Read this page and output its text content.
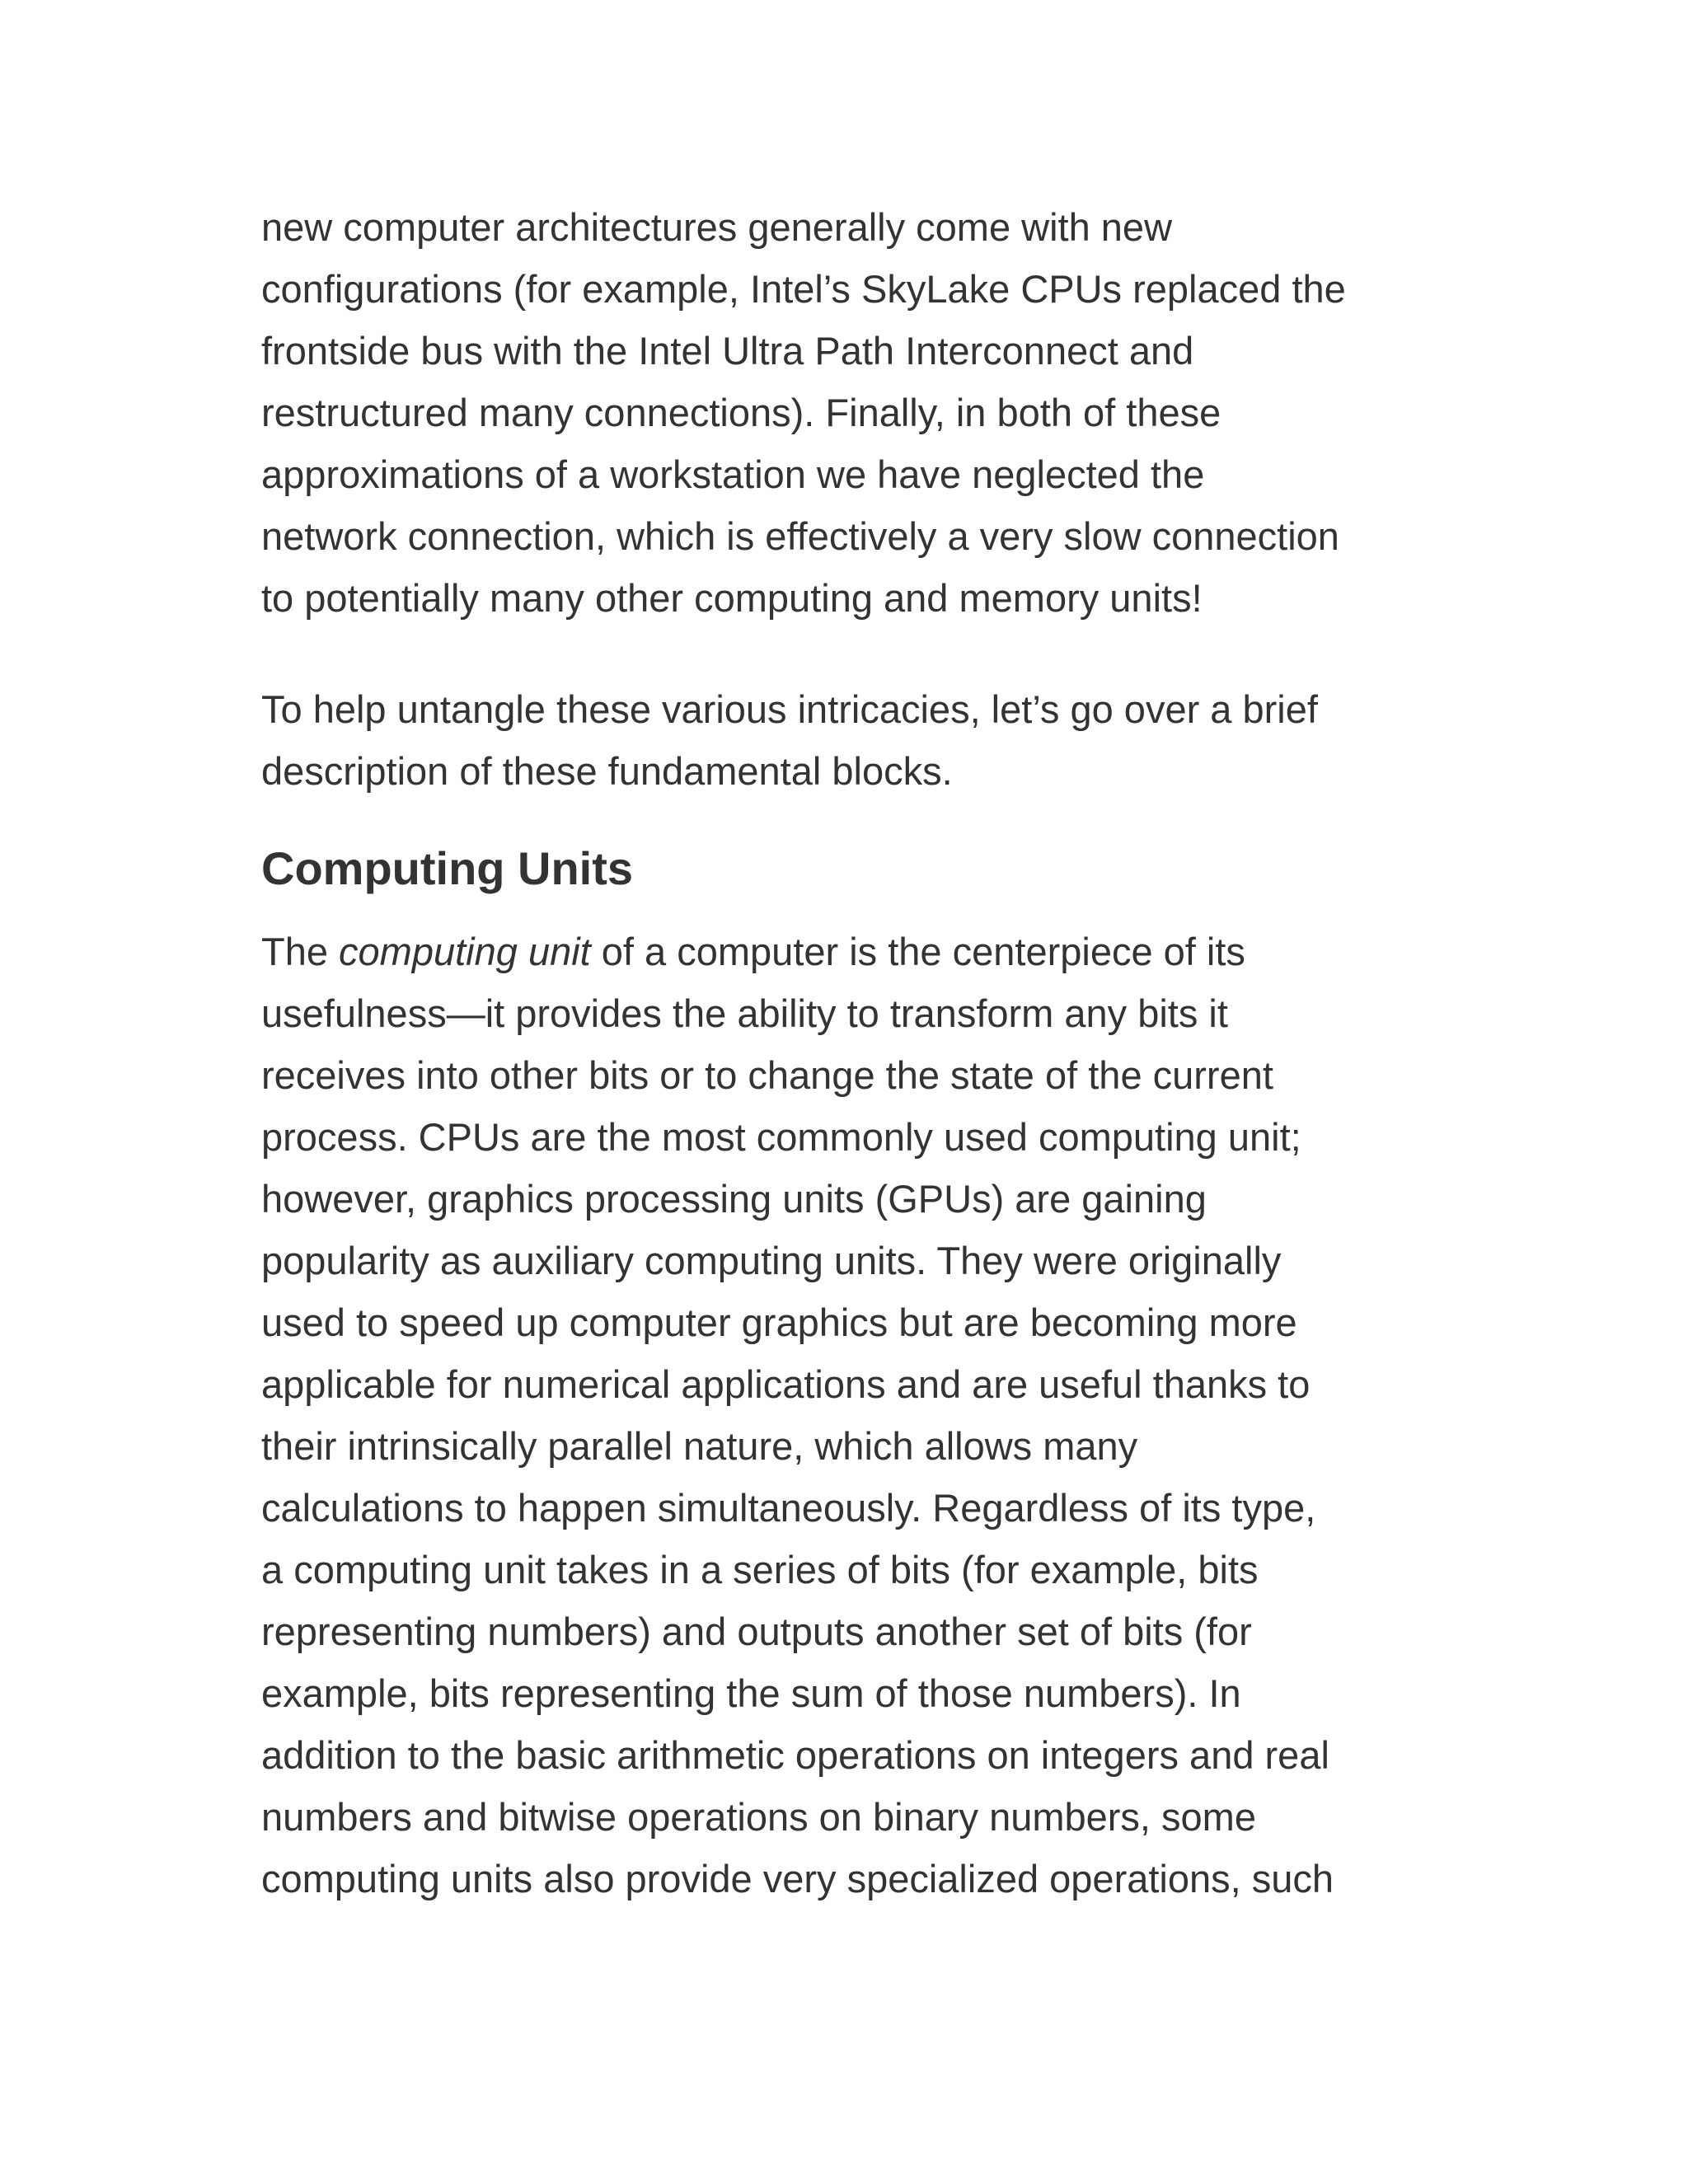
new computer architectures generally come with new
configurations (for example, Intel’s SkyLake CPUs replaced the
frontside bus with the Intel Ultra Path Interconnect and
restructured many connections). Finally, in both of these
approximations of a workstation we have neglected the
network connection, which is effectively a very slow connection
to potentially many other computing and memory units!
To help untangle these various intricacies, let’s go over a brief
description of these fundamental blocks.
Computing Units
The computing unit of a computer is the centerpiece of its
usefulness—it provides the ability to transform any bits it
receives into other bits or to change the state of the current
process. CPUs are the most commonly used computing unit;
however, graphics processing units (GPUs) are gaining
popularity as auxiliary computing units. They were originally
used to speed up computer graphics but are becoming more
applicable for numerical applications and are useful thanks to
their intrinsically parallel nature, which allows many
calculations to happen simultaneously. Regardless of its type,
a computing unit takes in a series of bits (for example, bits
representing numbers) and outputs another set of bits (for
example, bits representing the sum of those numbers). In
addition to the basic arithmetic operations on integers and real
numbers and bitwise operations on binary numbers, some
computing units also provide very specialized operations, such
